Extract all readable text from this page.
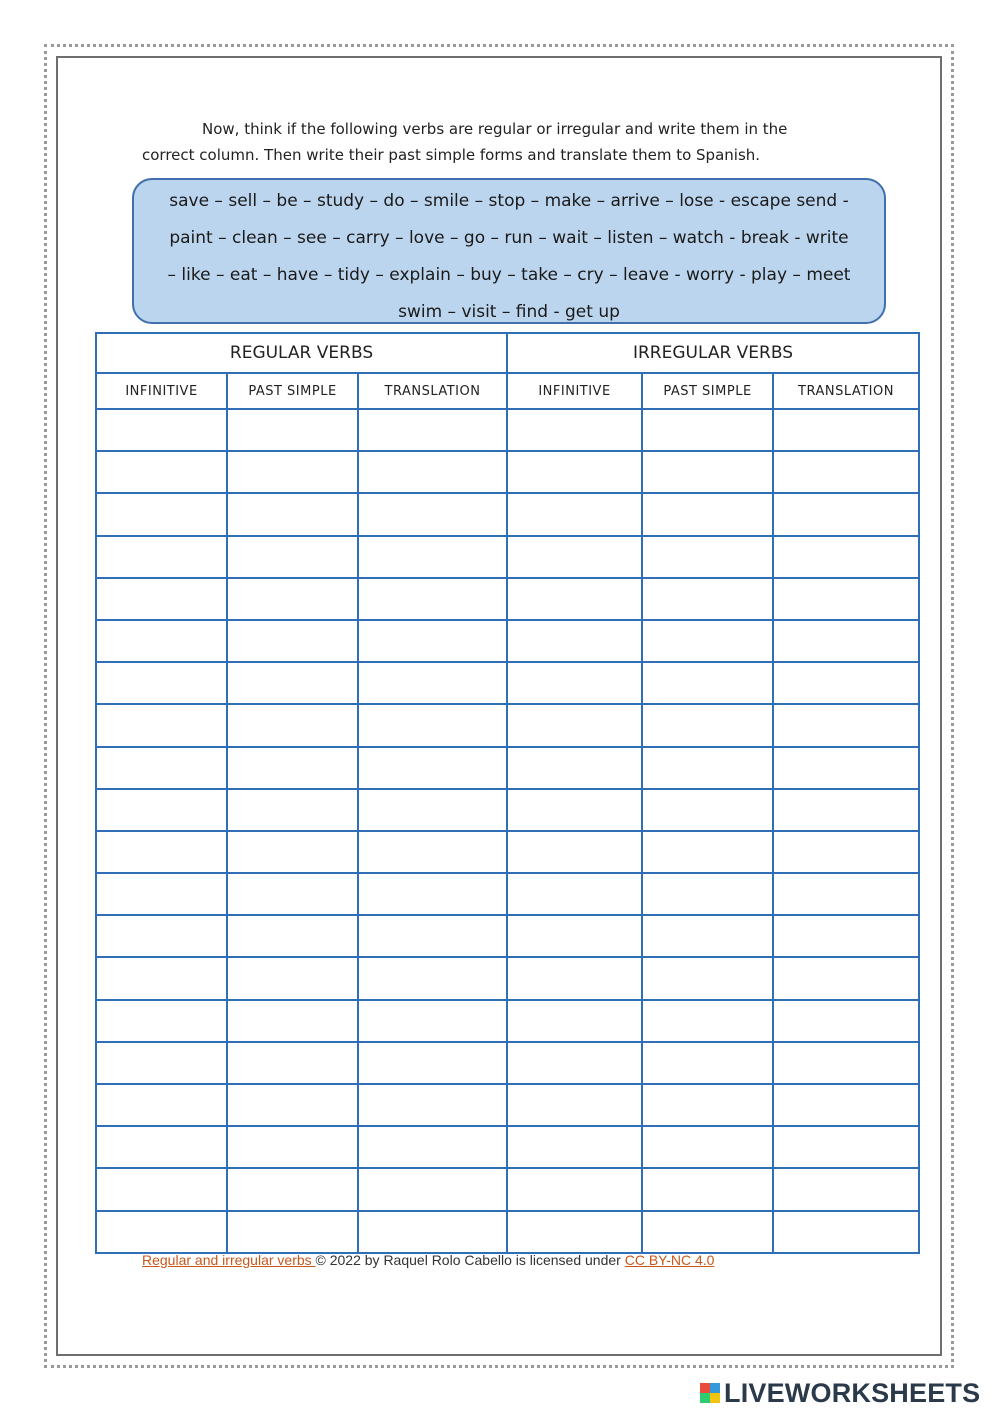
Now, think if the following verbs are regular or irregular and write them in the
correct column. Then write their past simple forms and translate them to Spanish.
save – sell – be – study – do – smile – stop – make – arrive – lose - escape send -
paint – clean – see – carry – love – go – run – wait – listen – watch - break - write
– like – eat – have – tidy – explain – buy – take – cry – leave - worry - play – meet
swim – visit – find - get up
REGULAR VERBS			IRREGULAR VERBS		
INFINITIVE	PAST SIMPLE	TRANSLATION	INFINITIVE	PAST SIMPLE	TRANSLATION

Regular and irregular verbs © 2022 by Raquel Rolo Cabello is licensed under CC BY-NC 4.0
LIVEWORKSHEETS
